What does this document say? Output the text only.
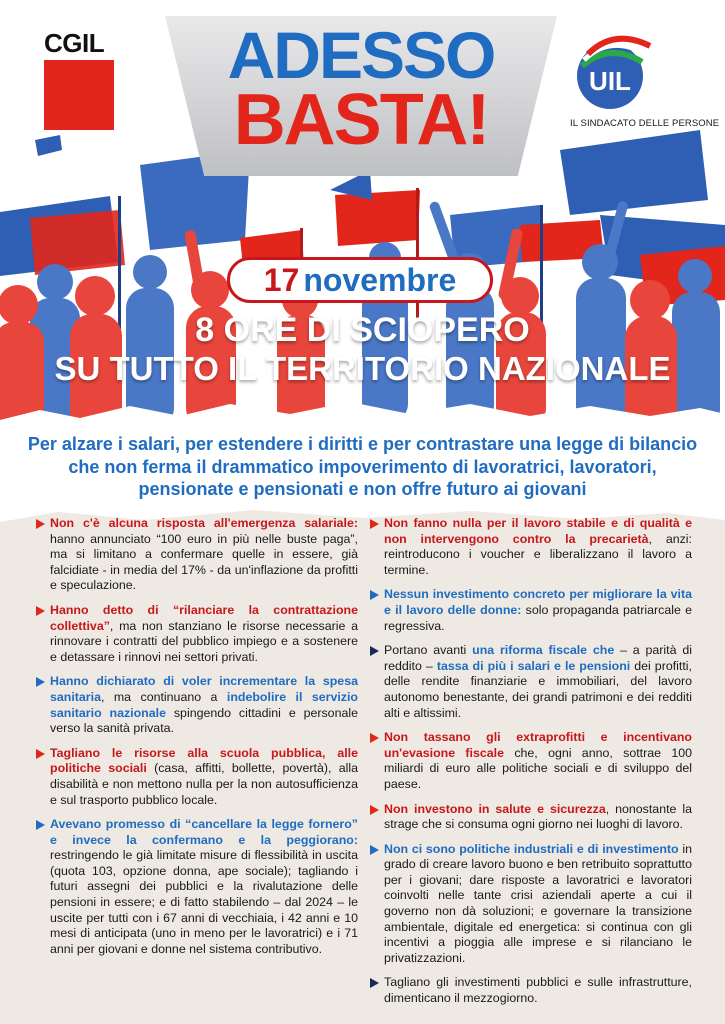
ADESSO
BASTA!
CGIL
UIL
IL SINDACATO DELLE PERSONE
17 novembre
8 ORE DI SCIOPERO
SU TUTTO IL TERRITORIO NAZIONALE
Per alzare i salari, per estendere i diritti e per contrastare una legge di bilancio che non ferma il drammatico impoverimento di lavoratrici, lavoratori, pensionate e pensionati e non offre futuro ai giovani
Non c'è alcuna risposta all'emergenza salariale: hanno annunciato “100 euro in più nelle buste paga”, ma si limitano a confermare quelle in essere, già falcidiate - in media del 17% - da un'inflazione da profitti e speculazione.
Hanno detto di “rilanciare la contrattazione collettiva”, ma non stanziano le risorse necessarie a rinnovare i contratti del pubblico impiego e a sostenere e detassare i rinnovi nei settori privati.
Hanno dichiarato di voler incrementare la spesa sanitaria, ma continuano a indebolire il servizio sanitario nazionale spingendo cittadini e personale verso la sanità privata.
Tagliano le risorse alla scuola pubblica, alle politiche sociali (casa, affitti, bollette, povertà), alla disabilità e non mettono nulla per la non autosufficienza e sul trasporto pubblico locale.
Avevano promesso di “cancellare la legge fornero” e invece la confermano e la peggiorano: restringendo le già limitate misure di flessibilità in uscita (quota 103, opzione donna, ape sociale); tagliando i futuri assegni dei pubblici e la rivalutazione delle pensioni in essere; e di fatto stabilendo – dal 2024 – le uscite per tutti con i 67 anni di vecchiaia, i 42 anni e 10 mesi di anticipata (uno in meno per le lavoratrici) e i 71 anni per giovani e donne nel sistema contributivo.
Non fanno nulla per il lavoro stabile e di qualità e non intervengono contro la precarietà, anzi: reintroducono i voucher e liberalizzano il lavoro a termine.
Nessun investimento concreto per migliorare la vita e il lavoro delle donne: solo propaganda patriarcale e regressiva.
Portano avanti una riforma fiscale che – a parità di reddito – tassa di più i salari e le pensioni dei profitti, delle rendite finanziarie e immobiliari, del lavoro autonomo benestante, dei grandi patrimoni e dei redditi alti e altissimi.
Non tassano gli extraprofitti e incentivano un'evasione fiscale che, ogni anno, sottrae 100 miliardi di euro alle politiche sociali e di sviluppo del paese.
Non investono in salute e sicurezza, nonostante la strage che si consuma ogni giorno nei luoghi di lavoro.
Non ci sono politiche industriali e di investimento in grado di creare lavoro buono e ben retribuito soprattutto per i giovani; dare risposte a lavoratrici e lavoratori coinvolti nelle tante crisi aziendali aperte a cui il governo non dà soluzioni; e governare la transizione ambientale, digitale ed energetica: si continua con gli incentivi a pioggia alle imprese e si rilanciano le privatizzazioni.
Tagliano gli investimenti pubblici e sulle infrastrutture, dimenticano il mezzogiorno.
